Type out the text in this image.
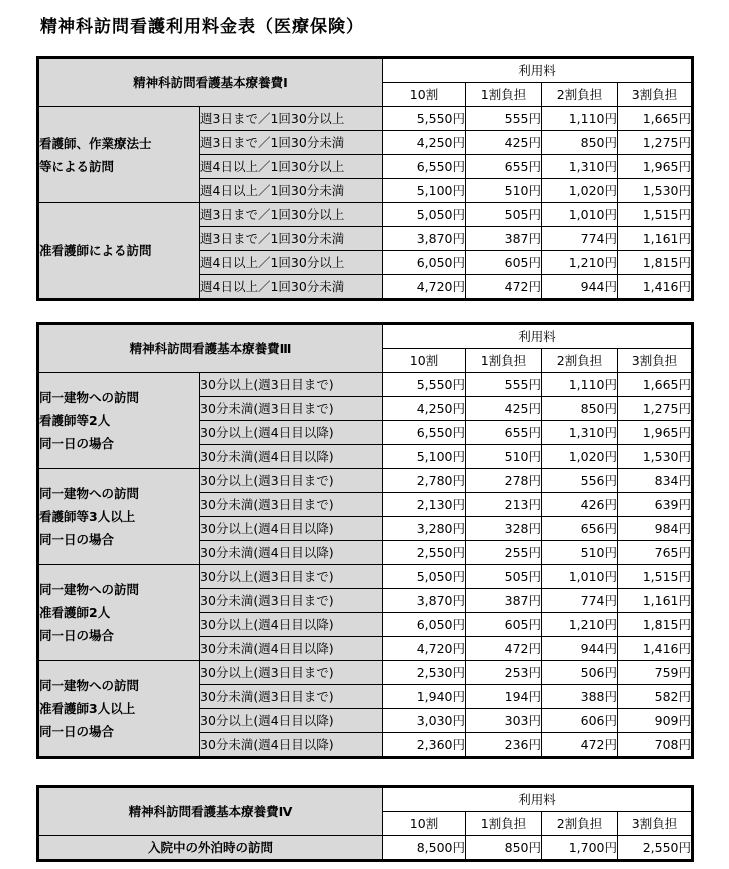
精神科訪問看護利用料金表（医療保険）
精神科訪問看護基本療養費Ⅰ		利用料			
		10割	1割負担	2割負担	3割負担

看護師、作業療法士
等による訪問	週3日まで／1回30分以上	5,550円	555円	1,110円	1,665円
	週3日まで／1回30分未満	4,250円	425円	850円	1,275円
	週4日以上／1回30分以上	6,550円	655円	1,310円	1,965円
	週4日以上／1回30分未満	5,100円	510円	1,020円	1,530円

准看護師による訪問	週3日まで／1回30分以上	5,050円	505円	1,010円	1,515円
	週3日まで／1回30分未満	3,870円	387円	774円	1,161円
	週4日以上／1回30分以上	6,050円	605円	1,210円	1,815円
	週4日以上／1回30分未満	4,720円	472円	944円	1,416円
精神科訪問看護基本療養費Ⅲ		利用料			
		10割	1割負担	2割負担	3割負担

同一建物への訪問
看護師等2人
同一日の場合	30分以上(週3日目まで)	5,550円	555円	1,110円	1,665円
	30分未満(週3日目まで)	4,250円	425円	850円	1,275円
	30分以上(週4日目以降)	6,550円	655円	1,310円	1,965円
	30分未満(週4日目以降)	5,100円	510円	1,020円	1,530円

同一建物への訪問
看護師等3人以上
同一日の場合	30分以上(週3日目まで)	2,780円	278円	556円	834円
	30分未満(週3日目まで)	2,130円	213円	426円	639円
	30分以上(週4日目以降)	3,280円	328円	656円	984円
	30分未満(週4日目以降)	2,550円	255円	510円	765円

同一建物への訪問
准看護師2人
同一日の場合	30分以上(週3日目まで)	5,050円	505円	1,010円	1,515円
	30分未満(週3日目まで)	3,870円	387円	774円	1,161円
	30分以上(週4日目以降)	6,050円	605円	1,210円	1,815円
	30分未満(週4日目以降)	4,720円	472円	944円	1,416円

同一建物への訪問
准看護師3人以上
同一日の場合	30分以上(週3日目まで)	2,530円	253円	506円	759円
	30分未満(週3日目まで)	1,940円	194円	388円	582円
	30分以上(週4日目以降)	3,030円	303円	606円	909円
	30分未満(週4日目以降)	2,360円	236円	472円	708円
精神科訪問看護基本療養費Ⅳ	利用料			
	10割	1割負担	2割負担	3割負担
入院中の外泊時の訪問	8,500円	850円	1,700円	2,550円
